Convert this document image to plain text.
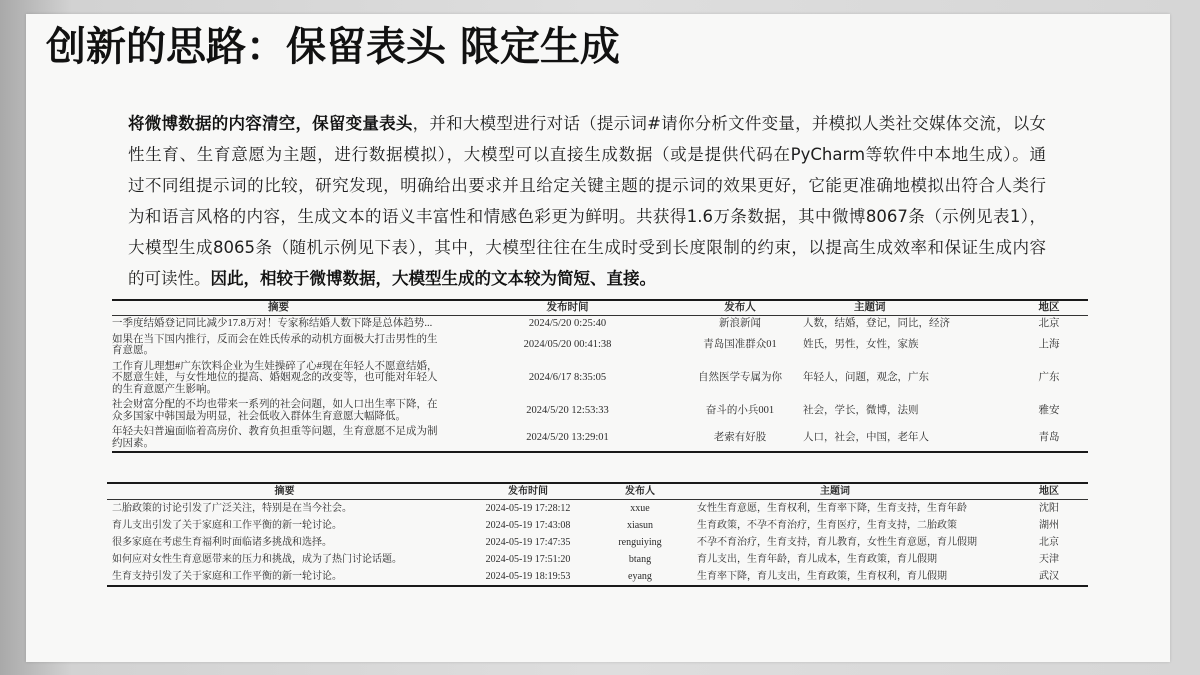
创新的思路：保留表头 限定生成
将微博数据的内容清空，保留变量表头，并和大模型进行对话（提示词#请你分析文件变量，并模拟人类社交媒体交流，以女
性生育、生育意愿为主题，进行数据模拟），大模型可以直接生成数据（或是提供代码在PyCharm等软件中本地生成）。通
过不同组提示词的比较，研究发现，明确给出要求并且给定关键主题的提示词的效果更好，它能更准确地模拟出符合人类行
为和语言风格的内容，生成文本的语义丰富性和情感色彩更为鲜明。共获得1.6万条数据，其中微博8067条（示例见表1），
大模型生成8065条（随机示例见下表），其中，大模型往往在生成时受到长度限制的约束，以提高生成效率和保证生成内容
的可读性。因此，相较于微博数据，大模型生成的文本较为简短、直接。
摘要	发布时间	发布人	主题词	地区
一季度结婚登记同比减少17.8万对！专家称结婚人数下降是总体趋势...	2024/5/20 0:25:40	新浪新闻	人数，结婚，登记，同比，经济	北京
如果在当下国内推行，反而会在姓氏传承的动机方面极大打击男性的生育意愿。	2024/05/20 00:41:38	青岛国准群众01	姓氏，男性，女性，家族	上海
工作育儿理想#广东饮料企业为生娃操碎了心#现在年轻人不愿意结婚，不愿意生娃，与女性地位的提高、婚姻观念的改变等，也可能对年轻人的生育意愿产生影响。	2024/6/17 8:35:05	自然医学专属为你	年轻人，问题，观念，广东	广东
社会财富分配的不均也带来一系列的社会问题，如人口出生率下降，在众多国家中韩国最为明显，社会低收入群体生育意愿大幅降低。	2024/5/20 12:53:33	奋斗的小兵001	社会，学长，微博，法则	雅安
年轻夫妇普遍面临着高房价、教育负担重等问题，生育意愿不足成为制约因素。	2024/5/20 13:29:01	老索有好股	人口，社会，中国，老年人	青岛
摘要	发布时间	发布人	主题词	地区
二胎政策的讨论引发了广泛关注，特别是在当今社会。	2024-05-19 17:28:12	xxue	女性生育意愿，生育权利，生育率下降，生育支持，生育年龄	沈阳
育儿支出引发了关于家庭和工作平衡的新一轮讨论。	2024-05-19 17:43:08	xiasun	生育政策，不孕不育治疗，生育医疗，生育支持，二胎政策	湖州
很多家庭在考虑生育福利时面临诸多挑战和选择。	2024-05-19 17:47:35	renguiying	不孕不育治疗，生育支持，育儿教育，女性生育意愿，育儿假期	北京
如何应对女性生育意愿带来的压力和挑战，成为了热门讨论话题。	2024-05-19 17:51:20	btang	育儿支出，生育年龄，育儿成本，生育政策，育儿假期	天津
生育支持引发了关于家庭和工作平衡的新一轮讨论。	2024-05-19 18:19:53	eyang	生育率下降，育儿支出，生育政策，生育权利，育儿假期	武汉
